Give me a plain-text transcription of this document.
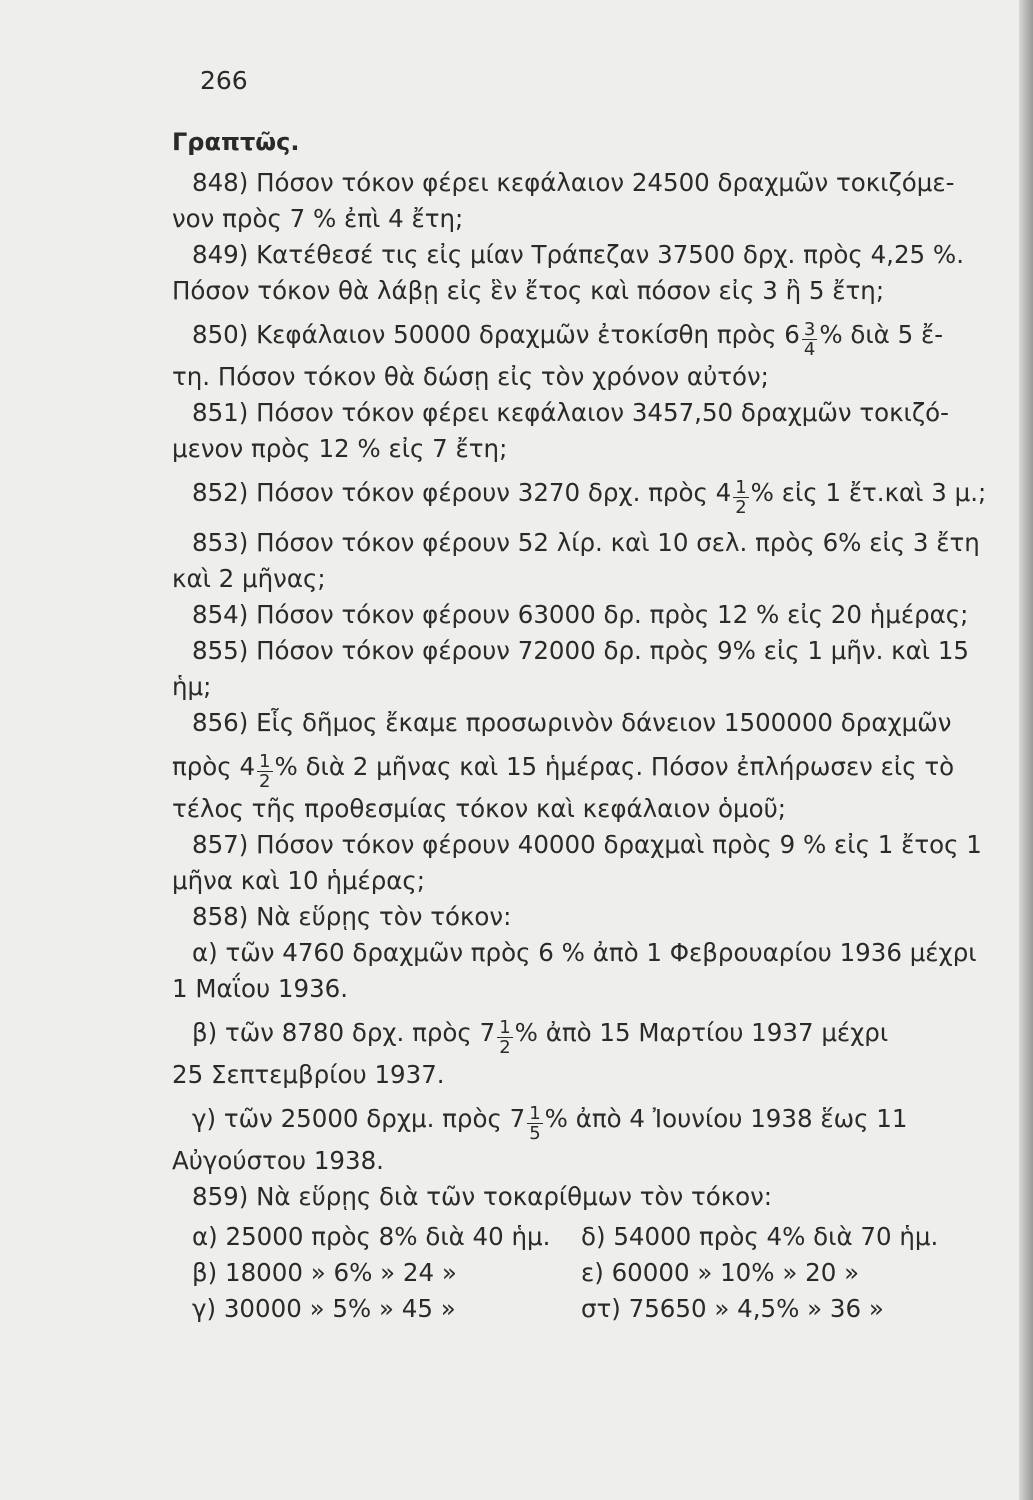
266
Γραπτῶς.

848) Πόσον τόκον φέρει κεφάλαιον 24500 δραχμῶν τοκιζόμε-

νον πρὸς 7 % ἐπὶ 4 ἔτη;

849) Κατέθεσέ τις εἰς μίαν Τράπεζαν 37500 δρχ. πρὸς 4,25 %.

Πόσον τόκον θὰ λάβῃ εἰς ἓν ἔτος καὶ πόσον εἰς 3 ἢ 5 ἔτη;

850) Κεφάλαιον 50000 δραχμῶν ἐτοκίσθη πρὸς $6 \frac{3}{4}$ % διὰ 5 ἔ-

τη. Πόσον τόκον θὰ δώσῃ εἰς τὸν χρόνον αὐτόν;

851) Πόσον τόκον φέρει κεφάλαιον 3457,50 δραχμῶν τοκιζό-

μενον πρὸς 12 % εἰς 7 ἔτη;

852) Πόσον τόκον φέρουν 3270 δρχ. πρὸς $4 \frac{1}{2}$ % εἰς 1 ἔτ.καὶ 3 μ.;

853) Πόσον τόκον φέρουν 52 λίρ. καὶ 10 σελ. πρὸς 6% εἰς 3 ἔτη

καὶ 2 μῆνας;

854) Πόσον τόκον φέρουν 63000 δρ. πρὸς 12 % εἰς 20 ἡμέρας;

855) Πόσον τόκον φέρουν 72000 δρ. πρὸς 9% εἰς 1 μῆν. καὶ 15 ἡμ;

856) Εἷς δῆμος ἔκαμε προσωρινὸν δάνειον 1500000 δραχμῶν

πρὸς $4 \frac{1}{2}$ % διὰ 2 μῆνας καὶ 15 ἡμέρας. Πόσον ἐπλήρωσεν εἰς τὸ

τέλος τῆς προθεσμίας τόκον καὶ κεφάλαιον ὁμοῦ;

857) Πόσον τόκον φέρουν 40000 δραχμαὶ πρὸς 9 % εἰς 1 ἔτος 1

μῆνα καὶ 10 ἡμέρας;

858) Νὰ εὕρῃς τὸν τόκον:

α) τῶν 4760 δραχμῶν πρὸς 6 % ἀπὸ 1 Φεβρουαρίου 1936 μέχρι

1 Μαΐου 1936.

β) τῶν 8780 δρχ. πρὸς $7 \frac{1}{2}$ % ἀπὸ 15 Μαρτίου 1937 μέχρι

25 Σεπτεμβρίου 1937.

γ) τῶν 25000 δρχμ. πρὸς $7 \frac{1}{5}$ % ἀπὸ 4 Ἰουνίου 1938 ἕως 11

Αὐγούστου 1938.

859) Νὰ εὕρῃς διὰ τῶν τοκαρίθμων τὸν τόκον:

α) 25000 πρὸς 8% διὰ 40 ἡμ.	δ) 54000 πρὸς 4% διὰ 70 ἡμ.
β) 18000 » 6% » 24 »	ε) 60000 » 10% » 20 »
γ) 30000 » 5% » 45 »	στ) 75650 » 4,5% » 36 »
